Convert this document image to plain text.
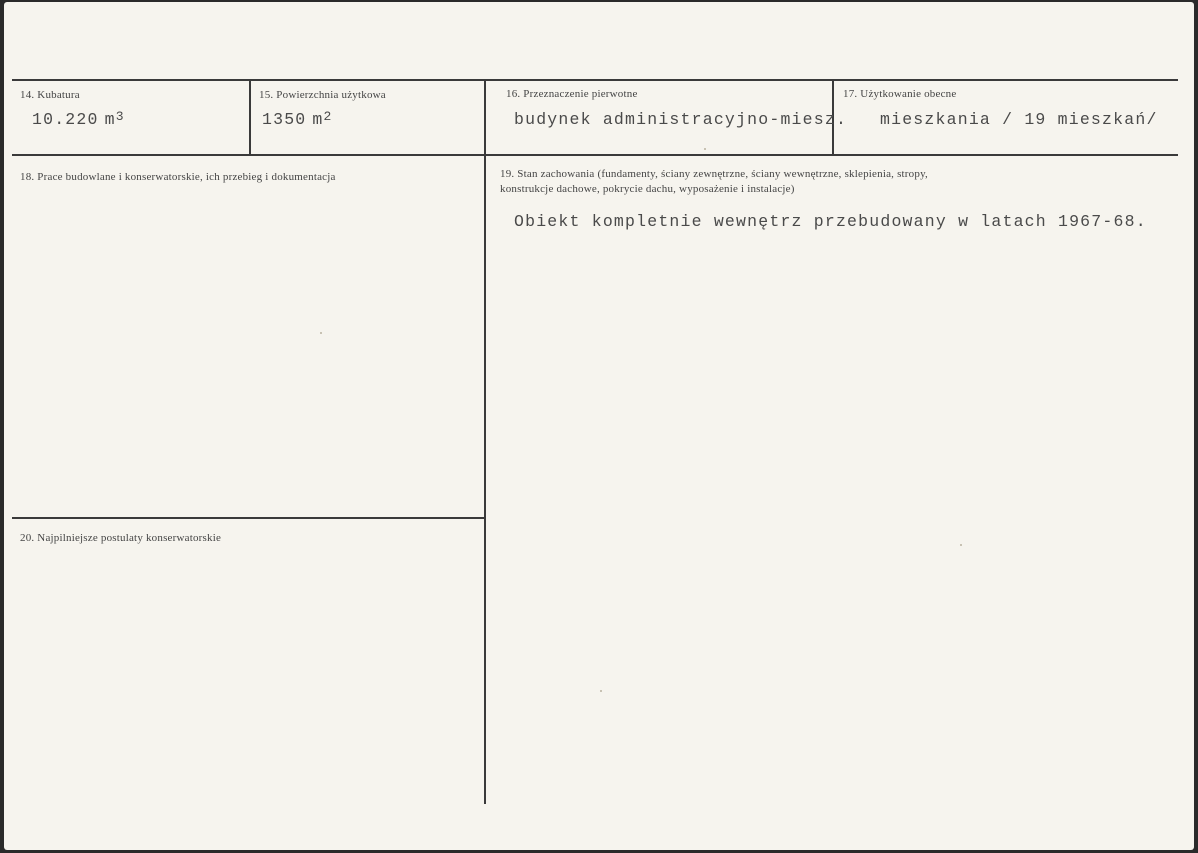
14. Kubatura
10.220 $m^3$
15. Powierzchnia użytkowa
1350 $m^2$
16. Przeznaczenie pierwotne
budynek administracyjno-miesz.
17. Użytkowanie obecne
mieszkania / 19 mieszkań/
18. Prace budowlane i konserwatorskie, ich przebieg i dokumentacja	19. Stan zachowania (fundamenty, ściany zewnętrzne, ściany wewnętrzne, sklepienia, stropy,
konstrukcje dachowe, pokrycie dachu, wyposażenie i instalacje)
Obiekt kompletnie wewnętrz przebudowany w latach 1967-68.
20. Najpilniejsze postulaty konserwatorskie
